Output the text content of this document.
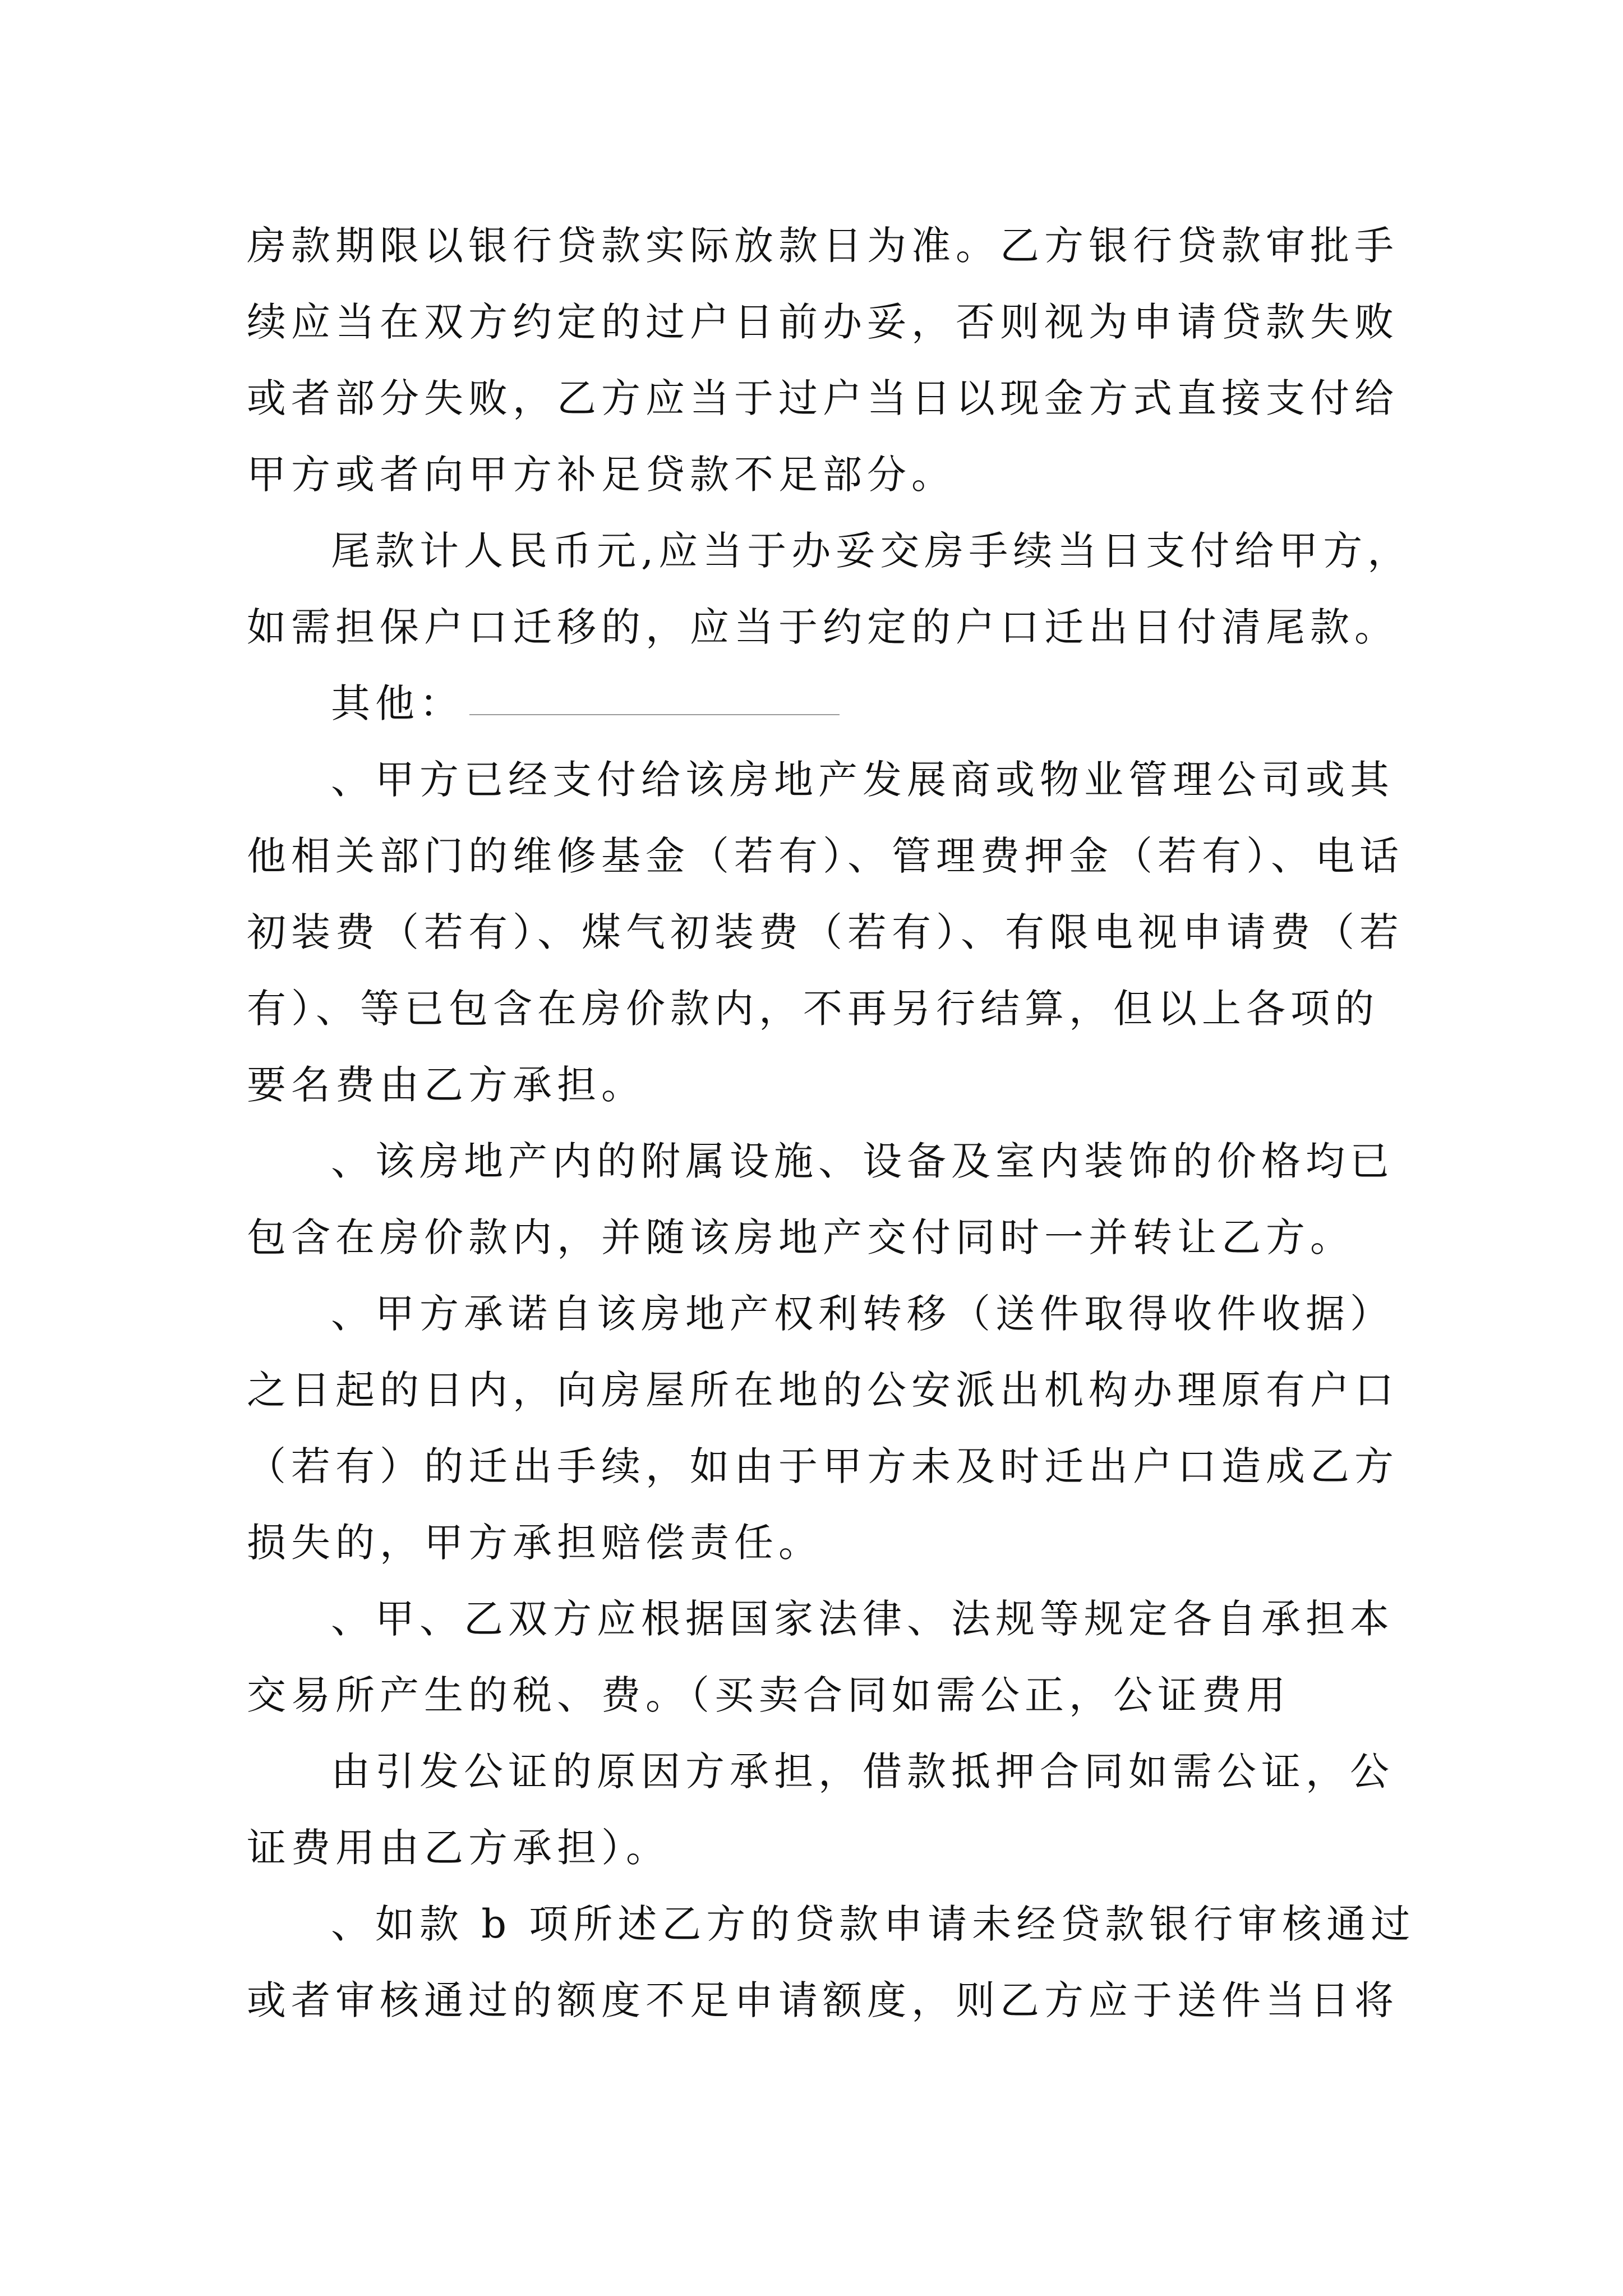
房款期限以银行贷款实际放款日为准。乙方银行贷款审批手

续应当在双方约定的过户日前办妥，否则视为申请贷款失败

或者部分失败，乙方应当于过户当日以现金方式直接支付给

甲方或者向甲方补足贷款不足部分。

尾款计人民币元,应当于办妥交房手续当日支付给甲方，

如需担保户口迁移的，应当于约定的户口迁出日付清尾款。

其他：

、甲方已经支付给该房地产发展商或物业管理公司或其

他相关部门的维修基金（若有）、管理费押金（若有）、电话

初装费（若有）、煤气初装费（若有）、有限电视申请费（若

有）、等已包含在房价款内，不再另行结算，但以上各项的

要名费由乙方承担。

、该房地产内的附属设施、设备及室内装饰的价格均已

包含在房价款内，并随该房地产交付同时一并转让乙方。

、甲方承诺自该房地产权利转移（送件取得收件收据）

之日起的日内，向房屋所在地的公安派出机构办理原有户口

（若有）的迁出手续，如由于甲方未及时迁出户口造成乙方

损失的，甲方承担赔偿责任。

、甲、乙双方应根据国家法律、法规等规定各自承担本

交易所产生的税、费。（买卖合同如需公正，公证费用

由引发公证的原因方承担，借款抵押合同如需公证，公

证费用由乙方承担）。

、如款 b 项所述乙方的贷款申请未经贷款银行审核通过

或者审核通过的额度不足申请额度，则乙方应于送件当日将
